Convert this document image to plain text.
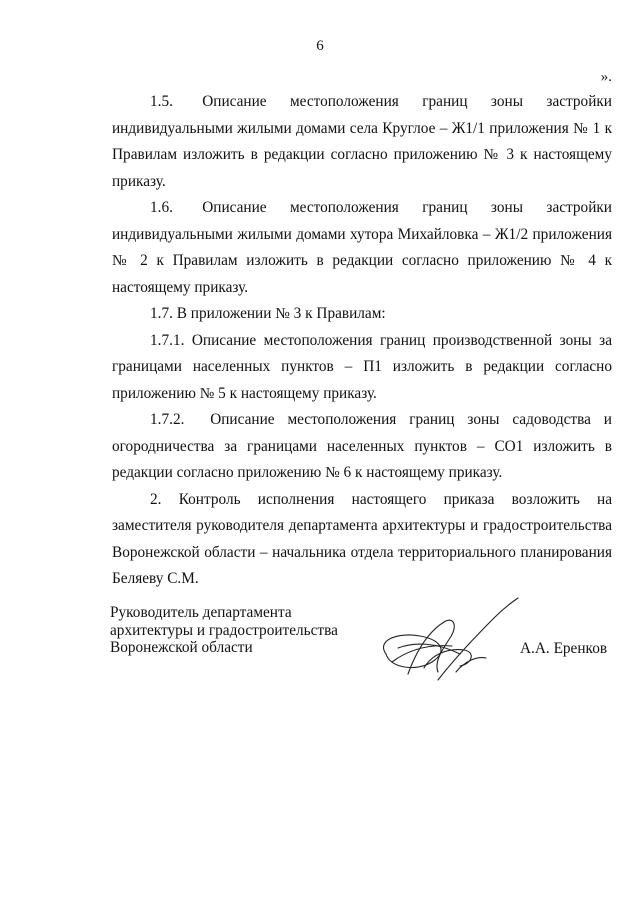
6
».

1.5.     Описание    местоположения    границ    зоны    застройки индивидуальными жилыми домами села Круглое – Ж1/1 приложения № 1 к Правилам изложить в редакции согласно приложению № 3 к настоящему приказу.

1.6.     Описание    местоположения    границ    зоны    застройки индивидуальными жилыми домами хутора Михайловка – Ж1/2 приложения № 2 к Правилам изложить в редакции согласно приложению № 4 к настоящему приказу.

1.7. В приложении № 3 к Правилам:

1.7.1. Описание местоположения границ производственной зоны за границами населенных пунктов – П1 изложить в редакции согласно приложению № 5 к настоящему приказу.

1.7.2.  Описание местоположения границ зоны садоводства и огородничества за границами населенных пунктов – СО1 изложить в редакции согласно приложению № 6 к настоящему приказу.

2. Контроль исполнения настоящего приказа возложить на заместителя руководителя департамента архитектуры и градостроительства Воронежской области – начальника отдела территориального планирования Беляеву С.М.

Руководитель департамента
архитектуры и градостроительства
Воронежской области	А.А. Еренков
